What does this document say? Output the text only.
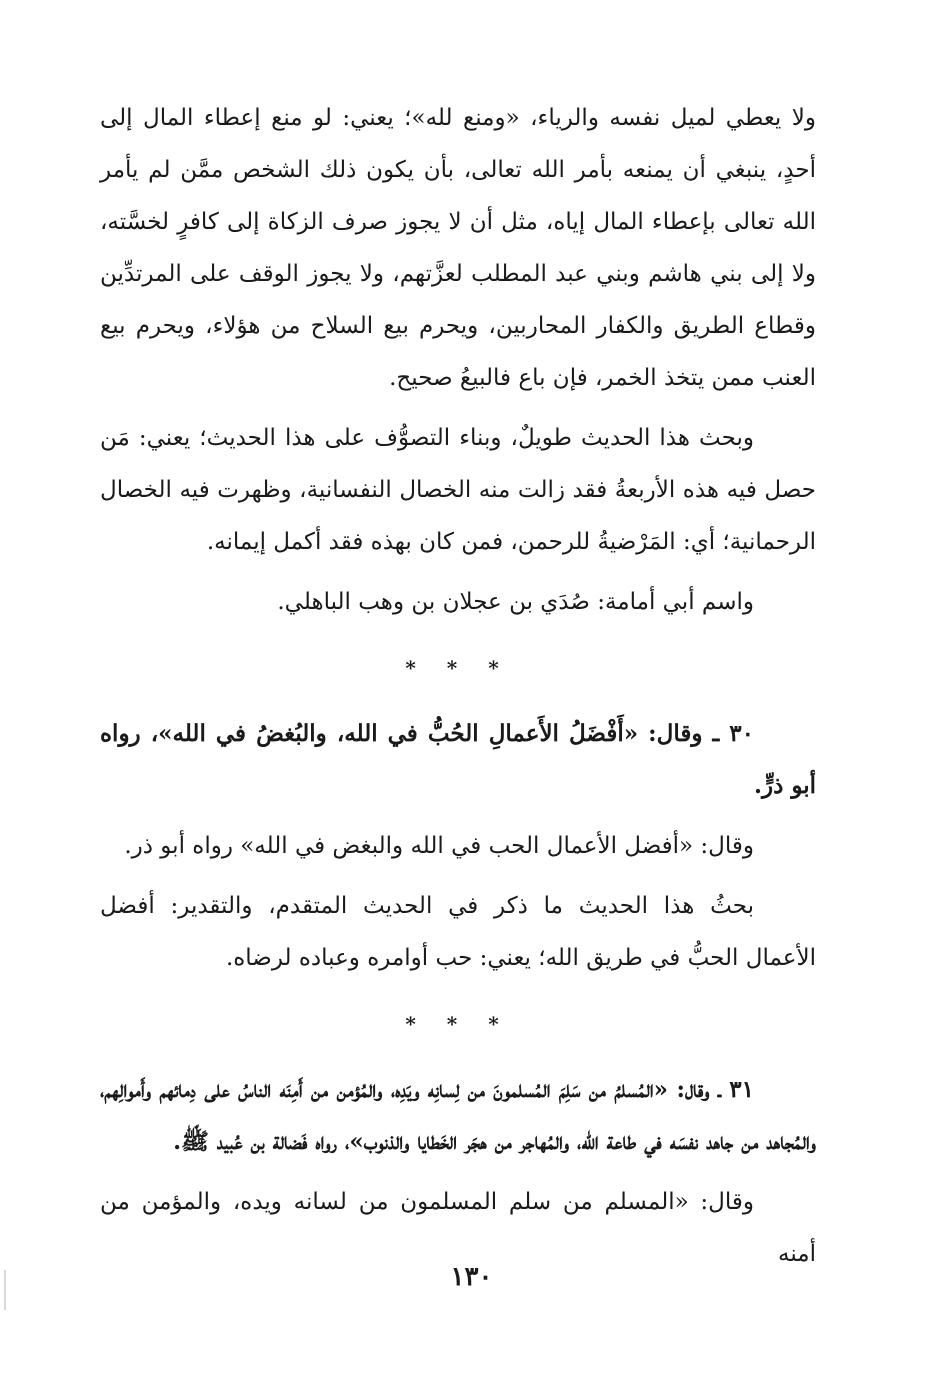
ولا يعطي لميل نفسه والرياء، «ومنع لله»؛ يعني: لو منع إعطاء المال إلى أحدٍ، ينبغي أن يمنعه بأمر الله تعالى، بأن يكون ذلك الشخص ممَّن لم يأمر الله تعالى بإعطاء المال إياه، مثل أن لا يجوز صرف الزكاة إلى كافرٍ لخسَّته، ولا إلى بني هاشم وبني عبد المطلب لعزَّتهم، ولا يجوز الوقف على المرتدِّين وقطاع الطريق والكفار المحاربين، ويحرم بيع السلاح من هؤلاء، ويحرم بيع العنب ممن يتخذ الخمر، فإن باع فالبيعُ صحيح.

وبحث هذا الحديث طويلٌ، وبناء التصوُّف على هذا الحديث؛ يعني: مَن حصل فيه هذه الأربعةُ فقد زالت منه الخصال النفسانية، وظهرت فيه الخصال الرحمانية؛ أي: المَرْضيةُ للرحمن، فمن كان بهذه فقد أكمل إيمانه.

واسم أبي أمامة: صُدَي بن عجلان بن وهب الباهلي.

* * *

٣٠ ـ وقال: «أَفْضَلُ الأَعمالِ الحُبُّ في الله، والبُغضُ في الله»، رواه أبو ذرٍّ.

وقال: «أفضل الأعمال الحب في الله والبغض في الله» رواه أبو ذر.

بحثُ هذا الحديث ما ذكر في الحديث المتقدم، والتقدير: أفضل الأعمال الحبُّ في طريق الله؛ يعني: حب أوامره وعباده لرضاه.

* * *

٣١ ـ وقال: «المُسلمُ من سَلِمَ المُسلمونَ من لِسانِه ويَدِه، والمُؤمن من أَمِنَه الناسُ على دِمائهم وأَموالِهم، والمُجاهد من جاهد نفسَه في طاعة الله، والمُهاجر من هجَر الخَطايا والذنوب»، رواه فَضالة بن عُبيد ﷺ.

وقال: «المسلم من سلم المسلمون من لسانه ويده، والمؤمن من أمنه

١٣٠
